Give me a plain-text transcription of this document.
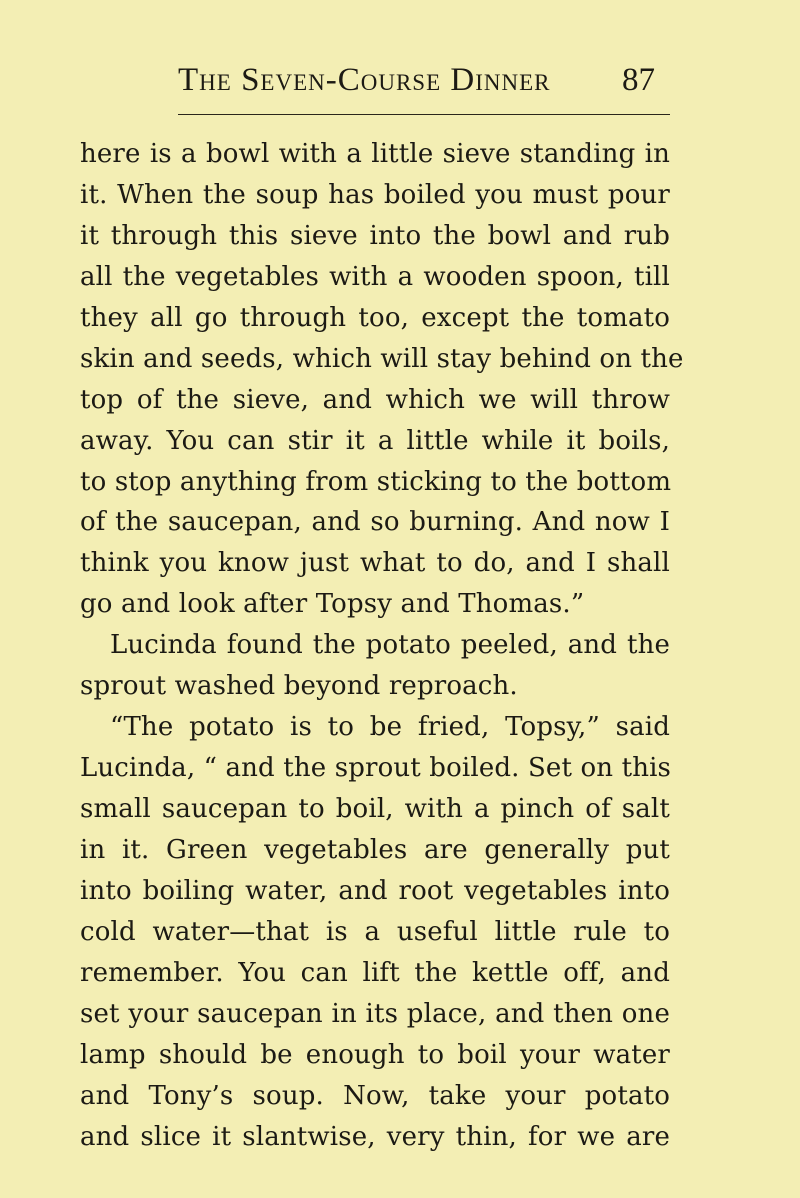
The Seven-Course Dinner 87
here is a bowl with a little sieve standing in
it. When the soup has boiled you must pour
it through this sieve into the bowl and rub
all the vegetables with a wooden spoon, till
they all go through too, except the tomato
skin and seeds, which will stay behind on the
top of the sieve, and which we will throw
away. You can stir it a little while it boils,
to stop anything from sticking to the bottom
of the saucepan, and so burning. And now I
think you know just what to do, and I shall
go and look after Topsy and Thomas.”
Lucinda found the potato peeled, and the
sprout washed beyond reproach.
“The potato is to be fried, Topsy,” said
Lucinda, “ and the sprout boiled. Set on this
small saucepan to boil, with a pinch of salt
in it. Green vegetables are generally put
into boiling water, and root vegetables into
cold water—that is a useful little rule to
remember. You can lift the kettle off, and
set your saucepan in its place, and then one
lamp should be enough to boil your water
and Tony’s soup. Now, take your potato
and slice it slantwise, very thin, for we are
